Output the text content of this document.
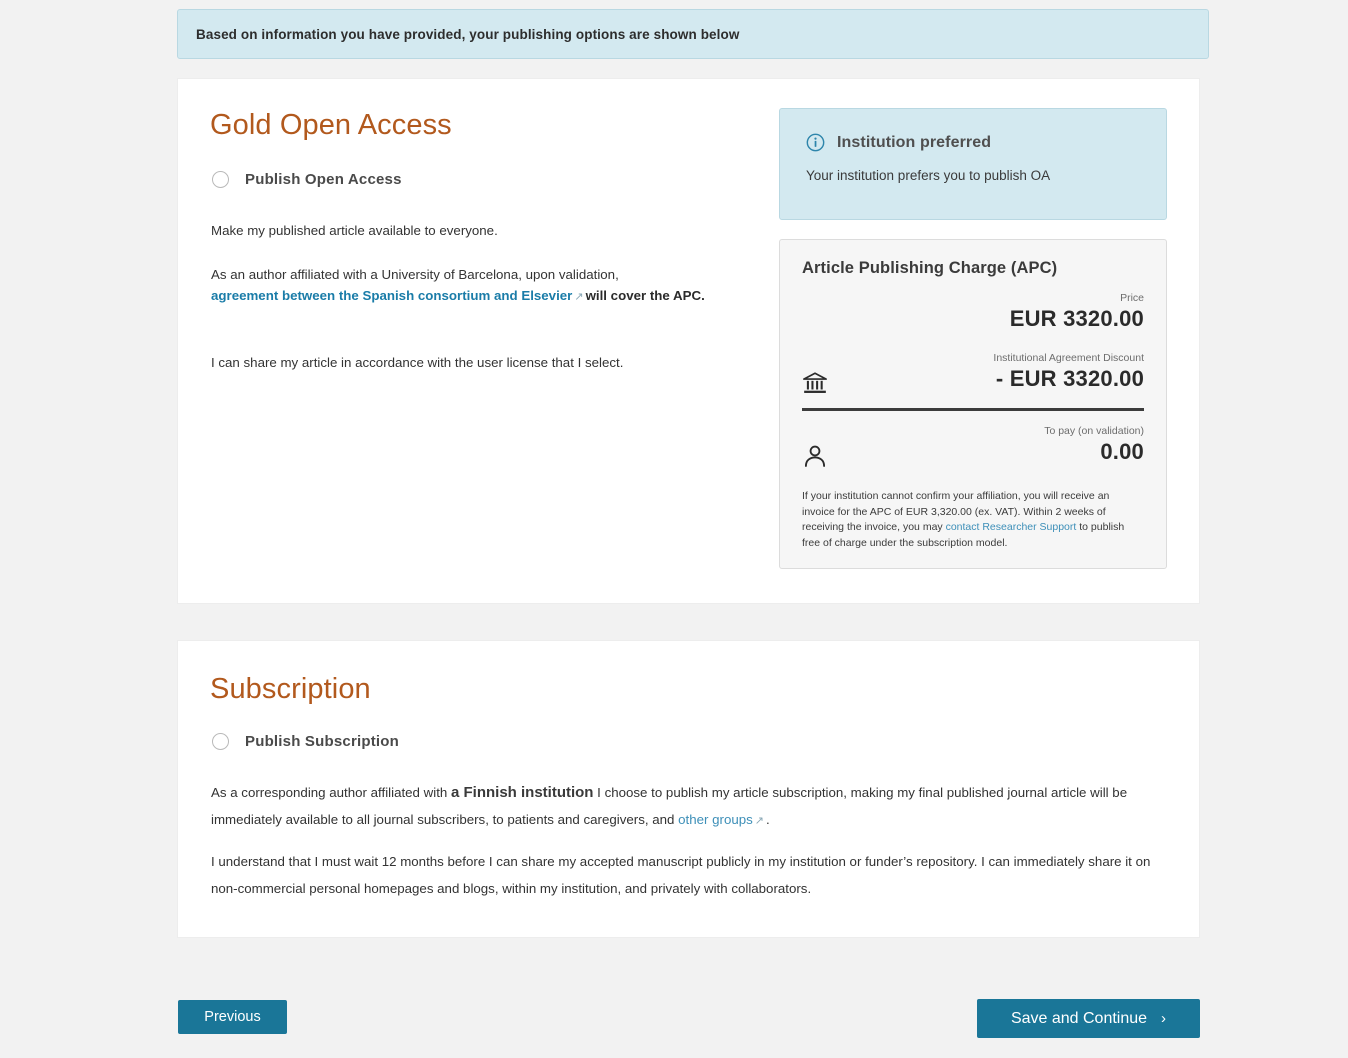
Based on information you have provided, your publishing options are shown below
Gold Open Access
Publish Open Access
Make my published article available to everyone.
As an author affiliated with a University of Barcelona, upon validation,
agreement between the Spanish consortium and Elsevier ↗ will cover the APC.
I can share my article in accordance with the user license that I select.
Institution preferred
Your institution prefers you to publish OA
Article Publishing Charge (APC)
Price
EUR 3320.00
Institutional Agreement Discount
- EUR 3320.00
To pay (on validation)
0.00
If your institution cannot confirm your affiliation, you will receive an invoice for the APC of EUR 3,320.00 (ex. VAT). Within 2 weeks of receiving the invoice, you may contact Researcher Support to publish free of charge under the subscription model.
Subscription
Publish Subscription
As a corresponding author affiliated with a Finnish institution I choose to publish my article subscription, making my final published journal article will be immediately available to all journal subscribers, to patients and caregivers, and other groups ↗ .
I understand that I must wait 12 months before I can share my accepted manuscript publicly in my institution or funder’s repository. I can immediately share it on non-commercial personal homepages and blogs, within my institution, and privately with collaborators.
Previous	Save and Continue ›
